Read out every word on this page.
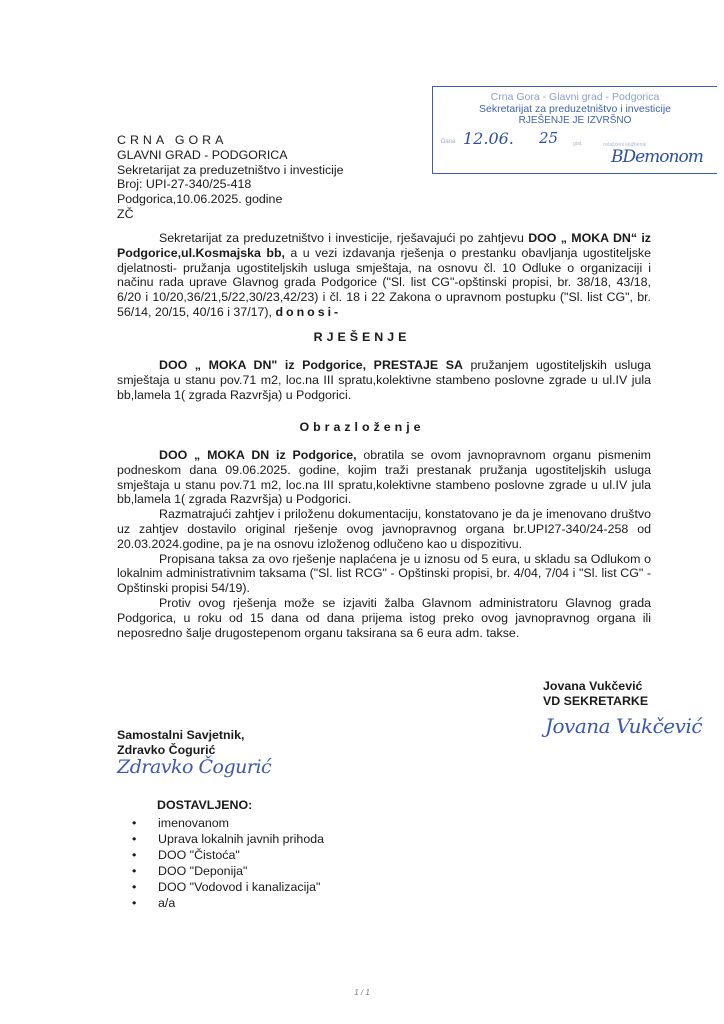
Crna Gora - Glavni grad - Podgorica
Sekretarijat za preduzetništvo i investicije
RJEŠENJE JE IZVRŠNO
Dana 12.06. 25	god.	ovlašćeni službenik
BDemonom
CRNA GORA
GLAVNI GRAD - PODGORICA
Sekretarijat za preduzetništvo i investicije
Broj: UPI-27-340/25-418
Podgorica,10.06.2025. godine
ZČ
Sekretarijat za preduzetništvo i investicije, rješavajući po zahtjevu DOO „ MOKA DN“ iz Podgorice,ul.Kosmajska bb, a u vezi izdavanja rješenja o prestanku obavljanja ugostiteljske djelatnosti- pružanja ugostiteljskih usluga smještaja, na osnovu čl. 10 Odluke o organizaciji i načinu rada uprave Glavnog grada Podgorice ("Sl. list CG"-opštinski propisi, br. 38/18, 43/18, 6/20 i 10/20,36/21,5/22,30/23,42/23) i čl. 18 i 22 Zakona o upravnom postupku ("Sl. list CG", br. 56/14, 20/15, 40/16 i 37/17), donosi-
RJEŠENJE
DOO „ MOKA DN" iz Podgorice, PRESTAJE SA pružanjem ugostiteljskih usluga smještaja u stanu pov.71 m2, loc.na III spratu,kolektivne stambeno poslovne zgrade u ul.IV jula bb,lamela 1( zgrada Razvršja) u Podgorici.
Obrazloženje
DOO „ MOKA DN iz Podgorice, obratila se ovom javnopravnom organu pismenim podneskom dana 09.06.2025. godine, kojim traži prestanak pružanja ugostiteljskih usluga smještaja u stanu pov.71 m2, loc.na III spratu,kolektivne stambeno poslovne zgrade u ul.IV jula bb,lamela 1( zgrada Razvršja) u Podgorici.
Razmatrajući zahtjev i priloženu dokumentaciju, konstatovano je da je imenovano društvo uz zahtjev dostavilo original rješenje ovog javnopravnog organa br.UPI27-340/24-258 od 20.03.2024.godine, pa je na osnovu izloženog odlučeno kao u dispozitivu.
Propisana taksa za ovo rješenje naplaćena je u iznosu od 5 eura, u skladu sa Odlukom o lokalnim administrativnim taksama ("Sl. list RCG" - Opštinski propisi, br. 4/04, 7/04 i "Sl. list CG" - Opštinski propisi 54/19).
Protiv ovog rješenja može se izjaviti žalba Glavnom administratoru Glavnog grada Podgorica, u roku od 15 dana od dana prijema istog preko ovog javnopravnog organa ili neposredno šalje drugostepenom organu taksirana sa 6 eura adm. takse.
Jovana Vukčević
VD SEKRETARKE
Jovana Vukčević
Samostalni Savjetnik,
Zdravko Čogurić
Zdravko Čogurić
DOSTAVLJENO:
• imenovanom
• Uprava lokalnih javnih prihoda
• DOO "Čistoća"
• DOO "Deponija"
• DOO "Vodovod i kanalizacija"
• a/a
1 / 1
